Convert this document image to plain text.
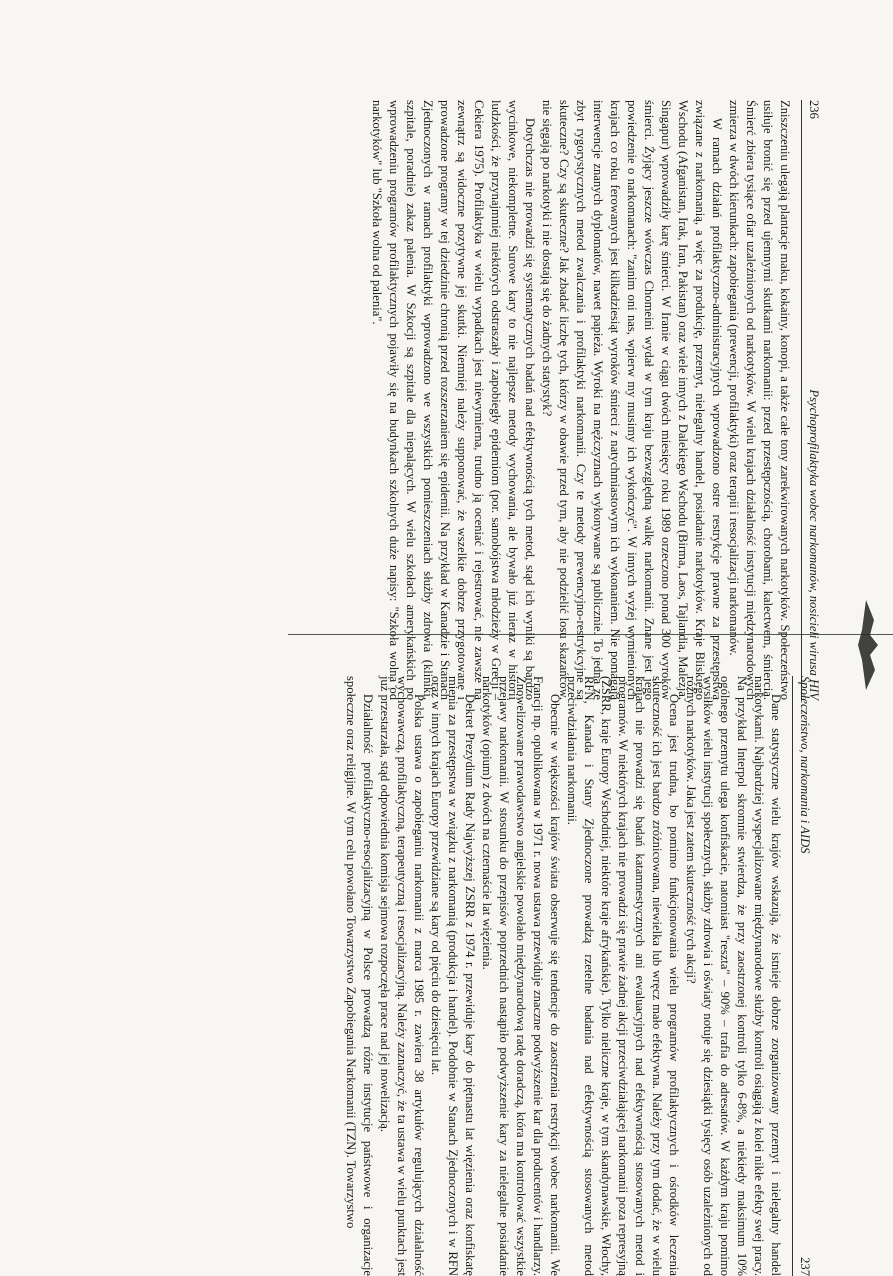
236
Psychoprofilaktyka wobec narkomanów, nosicieli wirusa HIV

Zniszczeniu ulegają plantacje maku, kokainy, konopi, a także całe tony zarekwirowanych narkotyków. Społeczeństwo usiłuje bronić się przed ujemnymi skutkami narkomanii: przed przestępczością, chorobami, kalectwem, śmiercią. Śmierć zbiera tysiące ofiar uzależnionych od narkotyków. W wielu krajach działalność instytucji międzynarodowych zmierza w dwóch kierunkach: zapobiegania (prewencji, profilaktyki) oraz terapii i resocjalizacji narkomanów.

W ramach działań profilaktyczno-administracyjnych wprowadzono ostre restrykcje prawne za przestępstwa związane z narkomanią, a więc za produkcję, przemyt, nielegalny handel, posiadanie narkotyków. Kraje Bliskiego Wschodu (Afganistan, Irak, Iran, Pakistan) oraz wiele innych z Dalekiego Wschodu (Birma, Laos, Tajlandia, Malezja, Singapur) wprowadziły karę śmierci. W Iranie w ciągu dwóch miesięcy roku 1989 orzeczono ponad 300 wyroków śmierci. Żyjący jeszcze wówczas Chomeini wydał w tym kraju bezwzględną walkę narkomanii. Znane jest jego powiedzenie o narkomanach: "zanim oni nas, wpierw my musimy ich wykończyć". W innych wyżej wymienionych krajach co roku ferowanych jest kilkadziesiąt wyroków śmierci z natychmiastowym ich wykonaniem. Nie pomagają interwencje znanych dyplomatów, nawet papieża. Wyroki na mężczyznach wykonywane są publicznie. To jedna ze zbyt rygorystycznych metod zwalczania i profilaktyki narkomanii. Czy te metody prewencyjno-restrykcyjne są skuteczne? Czy są skuteczne? Jak zbadać liczbę tych, którzy w obawie przed tym, aby nie podzielić losu skazańców, nie sięgają po narkotyki i nie dostają się do żadnych statystyk?

Dotychczas nie prowadzi się systematycznych badań nad efektywnością tych metod, stąd ich wyniki są bardzo wycinkowe, niekompletne. Surowe kary to nie najlepsze metody wychowania, ale bywało już nieraz w historii ludzkości, że przynajmniej niektórych odstraszały i zapobiegły epidemiom (por. samobójstwa młodzieży w Grecji – Cekiera 1975). Profilaktyka w wielu wypadkach jest niewymierna, trudno ją oceniać i rejestrować, nie zawsze na zewnątrz są widoczne pozytywne jej skutki. Niemniej należy supponować, że wszelkie dobrze przygotowane i prowadzone programy w tej dziedzinie chronią przed rozszerzaniem się epidemii. Na przykład w Kanadzie i Stanach Zjednoczonych w ramach profilaktyki wprowadzono we wszystkich pomieszczeniach służby zdrowia (kliniki, szpitale, poradnie) zakaz palenia. W Szkocji są szpitale dla niepalących. W wielu szkołach amerykańskich po wprowadzeniu programów profilaktycznych pojawiły się na budynkach szkolnych duże napisy: "Szkoła wolna od narkotyków" lub "Szkoła wolna od palenia".

Społeczeństwo, narkomania i AIDS
237

Dane statystyczne wielu krajów wskazują, że istnieje dobrze zorganizowany przemyt i nielegalny handel narkotykami. Najbardziej wyspecjalizowane międzynarodowe służby kontroli osiągają z kolei nikłe efekty swej pracy. Na przykład Interpol skromnie stwierdza, że przy zaostrzonej kontroli tylko 6-8%, a niekiedy maksimum 10% ogólnego przemytu ulega konfiskacie, natomiast "reszta" – 90% – trafia do adresatów. W każdym kraju pomimo wysiłków wielu instytucji społecznych, służby zdrowia i oświaty notuje się dziesiątki tysięcy osób uzależnionych od różnych narkotyków. Jaka jest zatem skuteczność tych akcji?

Ocena jest trudna, bo pomimo funkcjonowania wielu programów profilaktycznych i ośrodków leczenia skuteczność ich jest bardzo zróżnicowana, niewielka lub wręcz mało efektywna. Należy przy tym dodać, że w wielu krajach nie prowadzi się badań katamnestycznych ani ewaluacyjnych nad efektywnością stosowanych metod i programów. W niektórych krajach nie prowadzi się prawie żadnej akcji przeciwdziałającej narkomanii poza represyjną (ZSRR, kraje Europy Wschodniej, niektóre kraje afrykańskie). Tylko nieliczne kraje, w tym skandynawskie, Włochy, RFN, Kanada i Stany Zjednoczone prowadzą rzetelne badania nad efektywnością stosowanych metod przeciwdziałania narkomanii.

Obecnie w większości krajów świata obserwuje się tendencje do zaostrzenia restrykcji wobec narkomanii. We Francji np. opublikowana w 1971 r. nowa ustawa przewiduje znaczne podwyższenie kar dla producentów i handlarzy. Znowelizowane prawodawstwo angielskie powołało międzynarodową radę doradczą, która ma kontrolować wszystkie przejawy narkomanii. W stosunku do przepisów poprzednich nastąpiło podwyższenie kary za nielegalne posiadanie narkotyków (opium) z dwóch na czternaście lat więzienia.

Dekret Prezydium Rady Najwyższej ZSRR z 1974 r. przewiduje kary do piętnastu lat więzienia oraz konfiskatę mienia za przestępstwa w związku z narkomanią (produkcja i handel). Podobnie w Stanach Zjednoczonych i w RFN oraz w innych krajach Europy przewidziane są kary od pięciu do dziesięciu lat.

Polska ustawa o zapobieganiu narkomanii z marca 1985 r. zawiera 38 artykułów regulujących działalność wychowawczą, profilaktyczną, terapeutyczną i resocjalizacyjną. Należy zaznaczyć, że ta ustawa w wielu punktach jest już przestarzała, stąd odpowiednia komisja sejmowa rozpoczęła prace nad jej nowelizacją.

Działalność profilaktyczno-resocjalizacyjną w Polsce prowadzą różne instytucje państwowe i organizacje społeczne oraz religijne. W tym celu powołano Towarzystwo Zapobiegania Narkomanii (TZN). Towarzystwo
